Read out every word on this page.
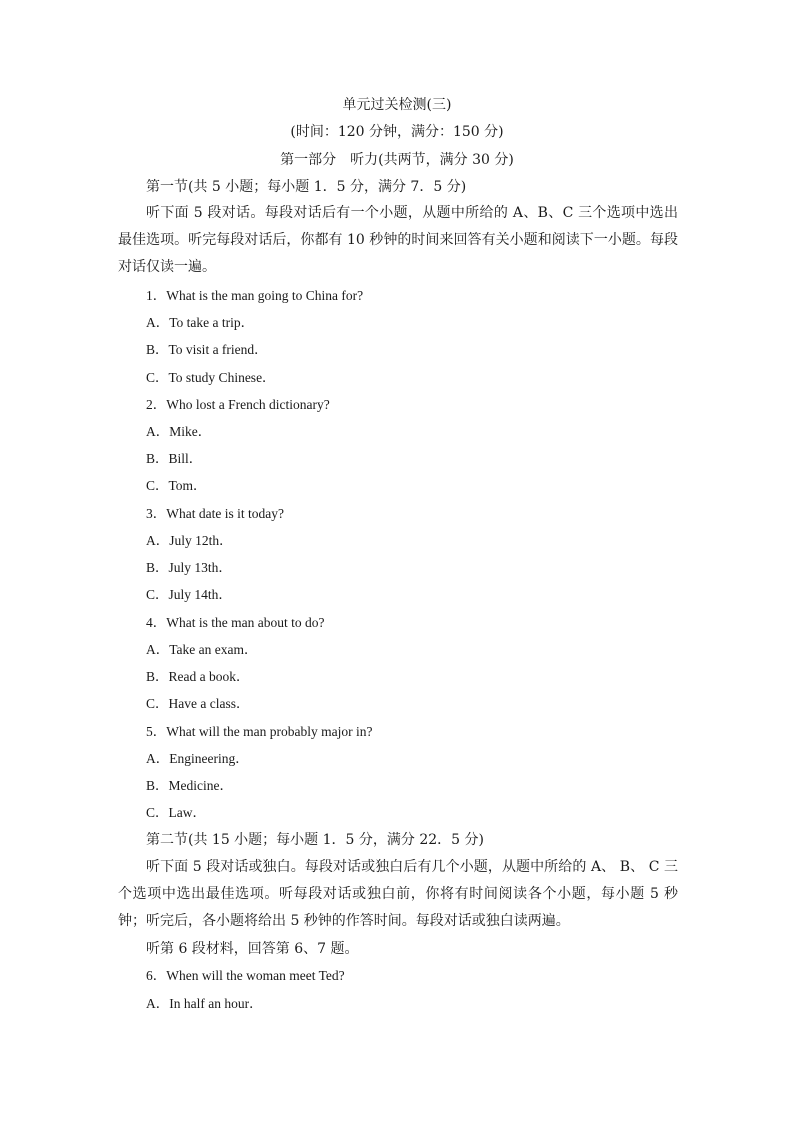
单元过关检测(三)
(时间：120 分钟，满分：150 分)
第一部分　听力(共两节，满分 30 分)
第一节(共 5 小题；每小题 1．5 分，满分 7．5 分)
听下面 5 段对话。每段对话后有一个小题，从题中所给的 A、B、C 三个选项中选出最佳选项。听完每段对话后，你都有 10 秒钟的时间来回答有关小题和阅读下一小题。每段对话仅读一遍。
1．What is the man going to China for?
A．To take a trip．
B．To visit a friend．
C．To study Chinese．
2．Who lost a French dictionary?
A．Mike．
B．Bill．
C．Tom．
3．What date is it today?
A．July 12th．
B．July 13th．
C．July 14th．
4．What is the man about to do?
A．Take an exam．
B．Read a book．
C．Have a class．
5．What will the man probably major in?
A．Engineering．
B．Medicine．
C．Law．
第二节(共 15 小题；每小题 1．5 分，满分 22．5 分)
听下面 5 段对话或独白。每段对话或独白后有几个小题，从题中所给的 A、 B、 C 三个选项中选出最佳选项。听每段对话或独白前，你将有时间阅读各个小题，每小题 5 秒钟；听完后，各小题将给出 5 秒钟的作答时间。每段对话或独白读两遍。
听第 6 段材料，回答第 6、7 题。
6．When will the woman meet Ted?
A．In half an hour．
